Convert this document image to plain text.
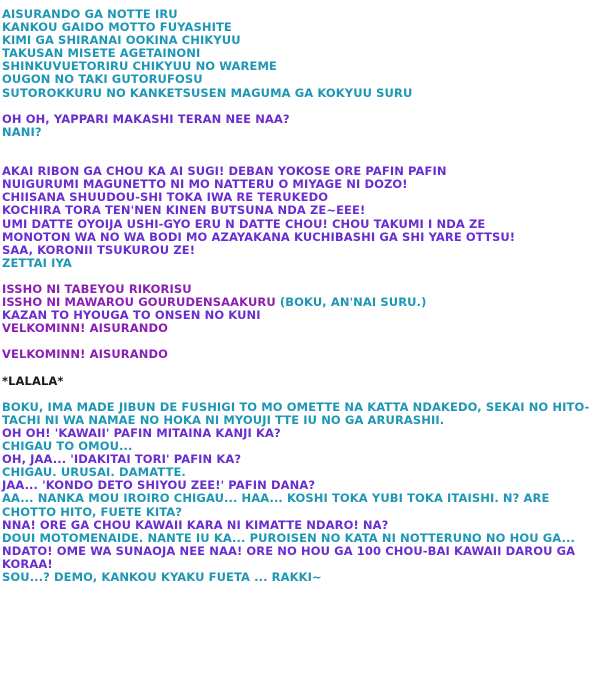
AISURANDO GA NOTTE IRU
KANKOU GAIDO MOTTO FUYASHITE
KIMI GA SHIRANAI OOKINA CHIKYUU
TAKUSAN MISETE AGETAINONI
SHINKUVUETORIRU CHIKYUU NO WAREME
OUGON NO TAKI GUTORUFOSU
SUTOROKKURU NO KANKETSUSEN MAGUMA GA KOKYUU SURU
OH OH, YAPPARI MAKASHI TERAN NEE NAA?
NANI?
AKAI RIBON GA CHOU KA AI SUGI! DEBAN YOKOSE ORE PAFIN PAFIN
NUIGURUMI MAGUNETTO NI MO NATTERU O MIYAGE NI DOZO!
CHIISANA SHUUDOU-SHI TOKA IWA RE TERUKEDO
KOCHIRA TORA TEN'NEN KINEN BUTSUNA NDA ZE~EEE!
UMI DATTE OYOIJA USHI-GYO ERU N DATTE CHOU! CHOU TAKUMI I NDA ZE
MONOTON WA NO WA BODI MO AZAYAKANA KUCHIBASHI GA SHI YARE OTTSU!
SAA, KORONII TSUKUROU ZE!
ZETTAI IYA
ISSHO NI TABEYOU RIKORISU
ISSHO NI MAWAROU GOURUDENSAAKURU (BOKU, AN'NAI SURU.)
KAZAN TO HYOUGA TO ONSEN NO KUNI
VELKOMINN! AISURANDO
VELKOMINN! AISURANDO
*LALALA*
BOKU, IMA MADE JIBUN DE FUSHIGI TO MO OMETTE NA KATTA NDAKEDO, SEKAI NO HITO-TACHI NI WA NAMAE NO HOKA NI MYOUJI TTE IU NO GA ARURASHII.
OH OH! 'KAWAII' PAFIN MITAINA KANJI KA?
CHIGAU TO OMOU...
OH, JAA... 'IDAKITAI TORI' PAFIN KA?
CHIGAU. URUSAI. DAMATTE.
JAA... 'KONDO DETO SHIYOU ZEE!' PAFIN DANA?
AA... NANKA MOU IROIRO CHIGAU... HAA... KOSHI TOKA YUBI TOKA ITAISHI. N? ARE CHOTTO HITO, FUETE KITA?
NNA! ORE GA CHOU KAWAII KARA NI KIMATTE NDARO! NA?
DOUI MOTOMENAIDE. NANTE IU KA... PUROISEN NO KATA NI NOTTERUNO NO HOU GA...
NDATO! OME WA SUNAOJA NEE NAA! ORE NO HOU GA 100 CHOU-BAI KAWAII DAROU GA KORAA!
SOU...? DEMO, KANKOU KYAKU FUETA ... RAKKI~
